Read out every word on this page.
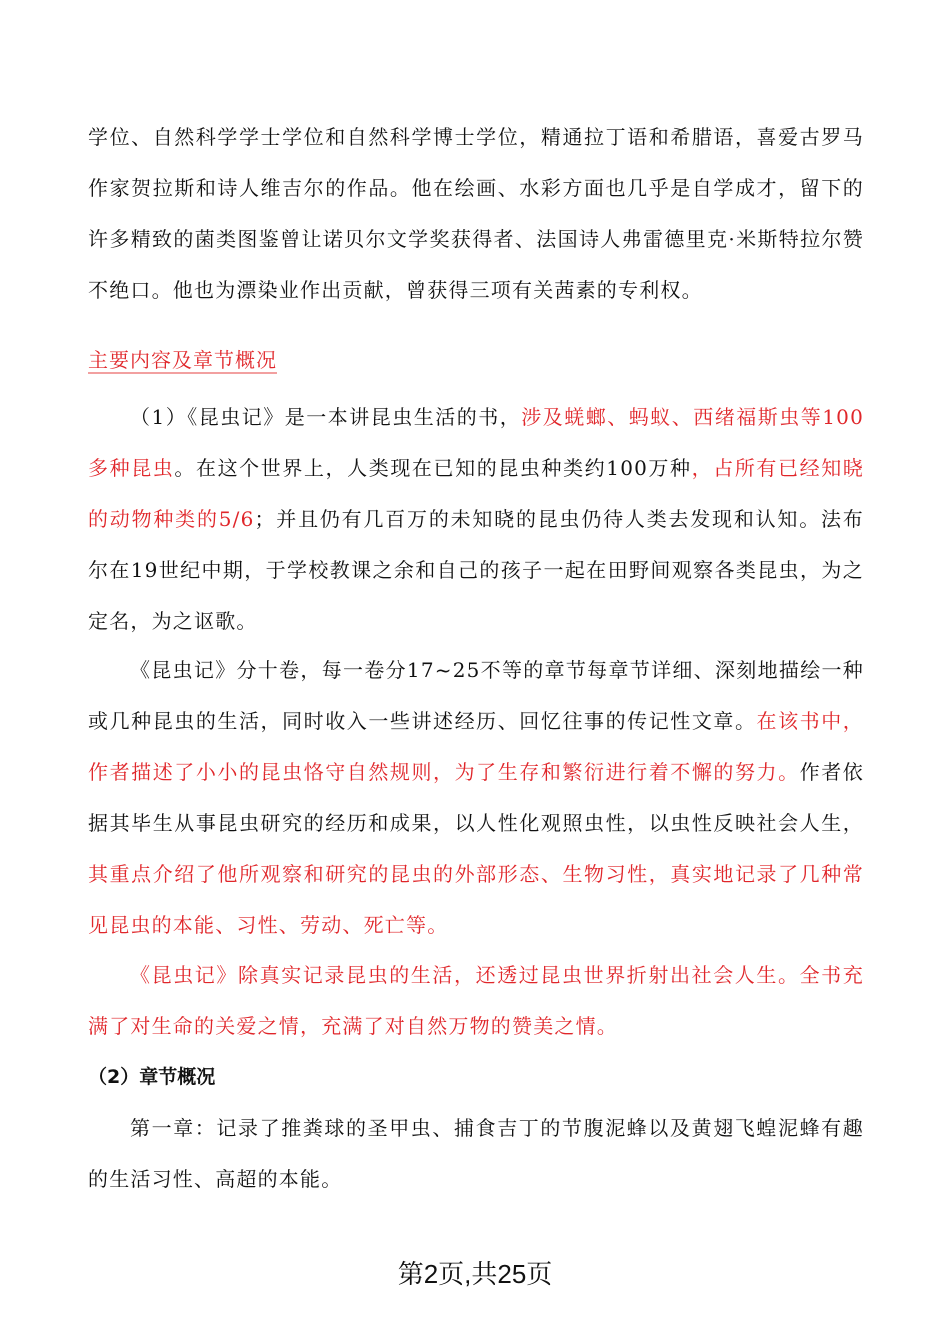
学位、自然科学学士学位和自然科学博士学位，精通拉丁语和希腊语，喜爱古罗马作家贺拉斯和诗人维吉尔的作品。他在绘画、水彩方面也几乎是自学成才，留下的许多精致的菌类图鉴曾让诺贝尔文学奖获得者、法国诗人弗雷德里克·米斯特拉尔赞不绝口。他也为漂染业作出贡献，曾获得三项有关茜素的专利权。

主要内容及章节概况

（1）《昆虫记》是一本讲昆虫生活的书，涉及蜣螂、蚂蚁、西绪福斯虫等100多种昆虫。在这个世界上，人类现在已知的昆虫种类约100万种，占所有已经知晓的动物种类的5/6；并且仍有几百万的未知晓的昆虫仍待人类去发现和认知。法布尔在19世纪中期，于学校教课之余和自己的孩子一起在田野间观察各类昆虫，为之定名，为之讴歌。

《昆虫记》分十卷，每一卷分17~25不等的章节每章节详细、深刻地描绘一种或几种昆虫的生活，同时收入一些讲述经历、回忆往事的传记性文章。在该书中，作者描述了小小的昆虫恪守自然规则，为了生存和繁衍进行着不懈的努力。作者依据其毕生从事昆虫研究的经历和成果，以人性化观照虫性，以虫性反映社会人生，其重点介绍了他所观察和研究的昆虫的外部形态、生物习性，真实地记录了几种常见昆虫的本能、习性、劳动、死亡等。

《昆虫记》除真实记录昆虫的生活，还透过昆虫世界折射出社会人生。全书充满了对生命的关爱之情，充满了对自然万物的赞美之情。

（2）章节概况

第一章：记录了推粪球的圣甲虫、捕食吉丁的节腹泥蜂以及黄翅飞蝗泥蜂有趣的生活习性、高超的本能。

第2页,共25页
